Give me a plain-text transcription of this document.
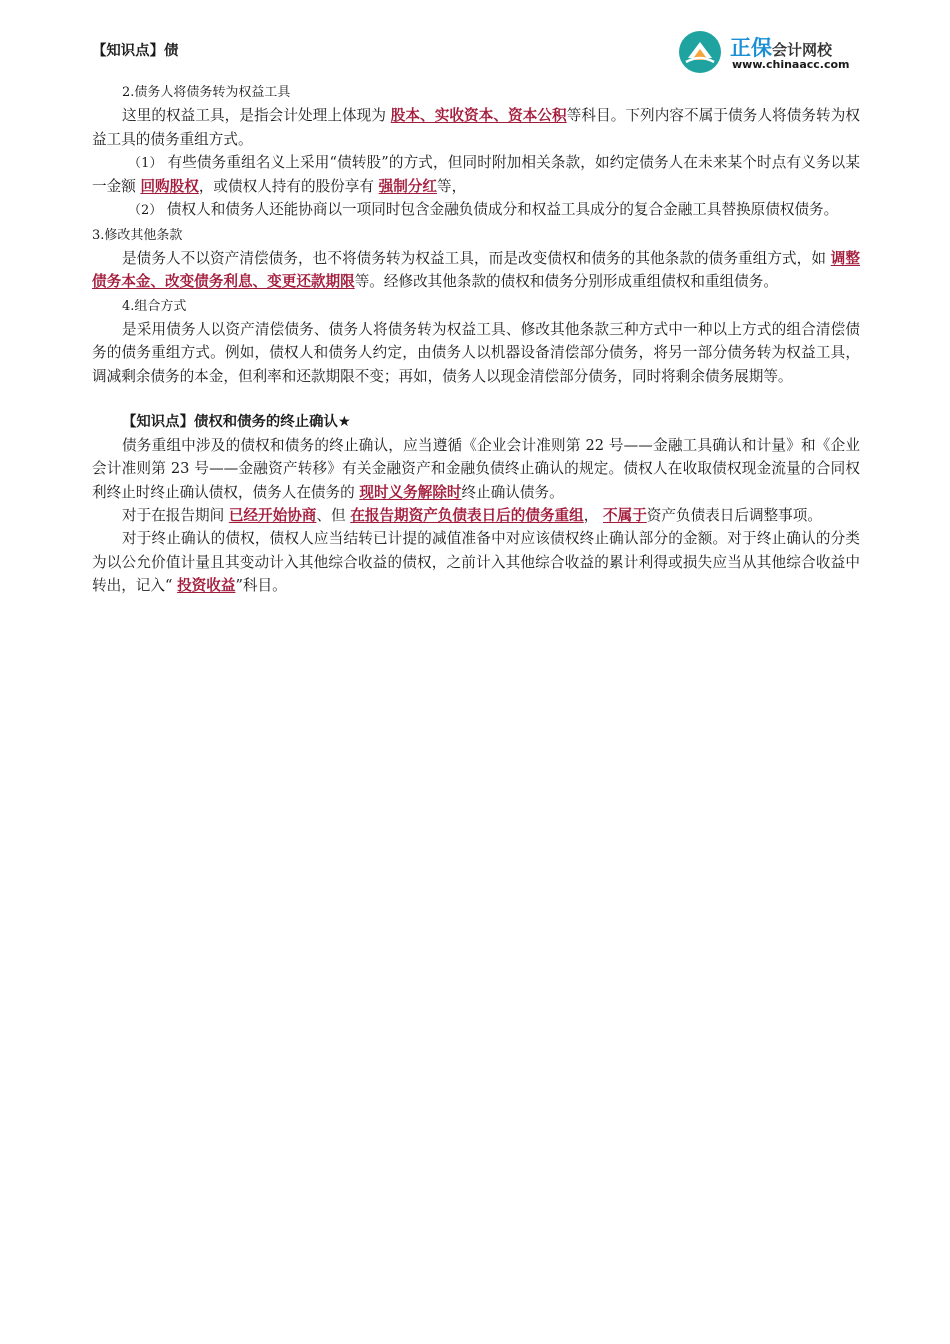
正保会计网校
www.chinaacc.com
【知识点】债

2.债务人将债务转为权益工具

这里的权益工具，是指会计处理上体现为 股本、实收资本、资本公积等科目。下列内容不属于债务人将债务转为权益工具的债务重组方式。

（1） 有些债务重组名义上采用“债转股”的方式，但同时附加相关条款，如约定债务人在未来某个时点有义务以某一金额 回购股权，或债权人持有的股份享有 强制分红等，

（2） 债权人和债务人还能协商以一项同时包含金融负债成分和权益工具成分的复合金融工具替换原债权债务。

3.修改其他条款

是债务人不以资产清偿债务，也不将债务转为权益工具，而是改变债权和债务的其他条款的债务重组方式，如 调整债务本金、改变债务利息、变更还款期限等。经修改其他条款的债权和债务分别形成重组债权和重组债务。

4.组合方式

是采用债务人以资产清偿债务、债务人将债务转为权益工具、修改其他条款三种方式中一种以上方式的组合清偿债务的债务重组方式。例如，债权人和债务人约定，由债务人以机器设备清偿部分债务，将另一部分债务转为权益工具，调减剩余债务的本金，但利率和还款期限不变；再如，债务人以现金清偿部分债务，同时将剩余债务展期等。

【知识点】债权和债务的终止确认★

债务重组中涉及的债权和债务的终止确认，应当遵循《企业会计准则第 22 号——金融工具确认和计量》和《企业会计准则第 23 号——金融资产转移》有关金融资产和金融负债终止确认的规定。债权人在收取债权现金流量的合同权利终止时终止确认债权，债务人在债务的 现时义务解除时终止确认债务。

对于在报告期间 已经开始协商、但 在报告期资产负债表日后的债务重组， 不属于资产负债表日后调整事项。

对于终止确认的债权，债权人应当结转已计提的减值准备中对应该债权终止确认部分的金额。对于终止确认的分类为以公允价值计量且其变动计入其他综合收益的债权，之前计入其他综合收益的累计利得或损失应当从其他综合收益中转出，记入“ 投资收益”科目。
